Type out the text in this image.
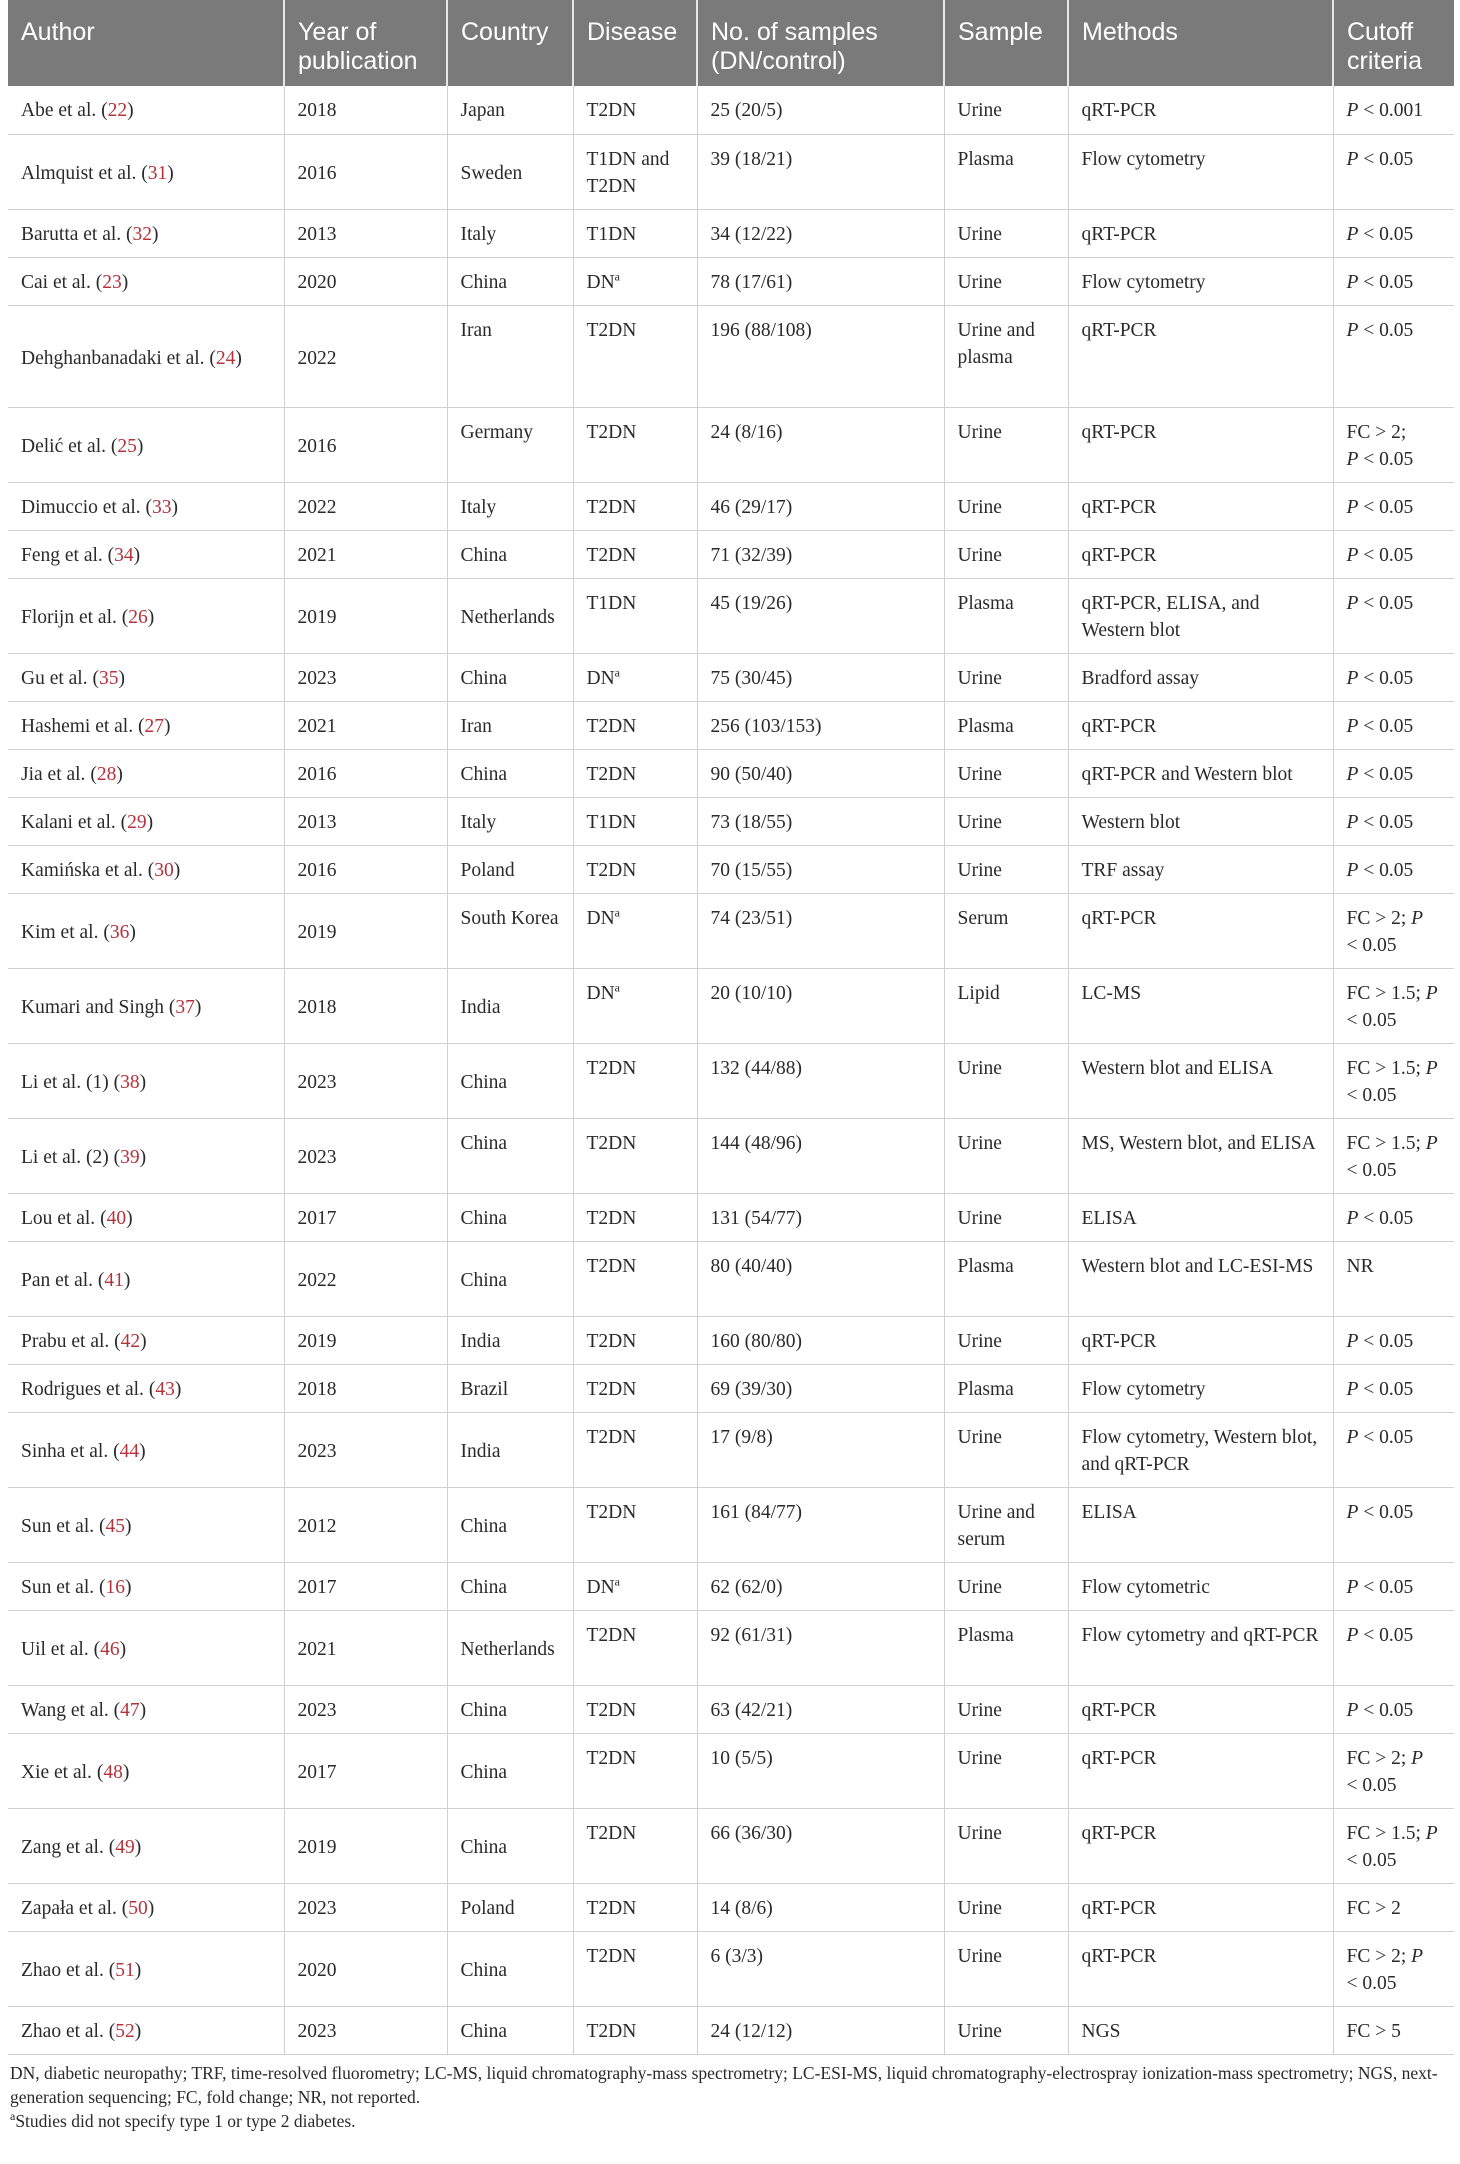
Author	Year of publication	Country	Disease	No. of samples (DN/control)	Sample	Methods	Cutoff criteria
Abe et al. (22)	2018	Japan	T2DN	25 (20/5)	Urine	qRT-PCR	P < 0.001

Almquist et al. (31)	2016	Sweden	T1DN and T2DN	39 (18/21)	Plasma	Flow cytometry	P < 0.05

Barutta et al. (32)	2013	Italy	T1DN	34 (12/22)	Urine	qRT-PCR	P < 0.05

Cai et al. (23)	2020	China	$DN^a$	78 (17/61)	Urine	Flow cytometry	P < 0.05

Dehghanbanadaki et al. (24)	2022	Iran	T2DN	196 (88/108)	Urine and plasma	qRT-PCR	P < 0.05

Delić et al. (25)	2016	Germany	T2DN	24 (8/16)	Urine	qRT-PCR	FC > 2;
P < 0.05

Dimuccio et al. (33)	2022	Italy	T2DN	46 (29/17)	Urine	qRT-PCR	P < 0.05

Feng et al. (34)	2021	China	T2DN	71 (32/39)	Urine	qRT-PCR	P < 0.05

Florijn et al. (26)	2019	Netherlands	T1DN	45 (19/26)	Plasma	qRT-PCR, ELISA, and Western blot	P < 0.05

Gu et al. (35)	2023	China	$DN^a$	75 (30/45)	Urine	Bradford assay	P < 0.05

Hashemi et al. (27)	2021	Iran	T2DN	256 (103/153)	Plasma	qRT-PCR	P < 0.05

Jia et al. (28)	2016	China	T2DN	90 (50/40)	Urine	qRT-PCR and Western blot	P < 0.05

Kalani et al. (29)	2013	Italy	T1DN	73 (18/55)	Urine	Western blot	P < 0.05

Kamińska et al. (30)	2016	Poland	T2DN	70 (15/55)	Urine	TRF assay	P < 0.05

Kim et al. (36)	2019	South Korea	$DN^a$	74 (23/51)	Serum	qRT-PCR	FC > 2; P
< 0.05

Kumari and Singh (37)	2018	India	$DN^a$	20 (10/10)	Lipid	LC-MS	FC > 1.5; P
< 0.05

Li et al. (1) (38)	2023	China	T2DN	132 (44/88)	Urine	Western blot and ELISA	FC > 1.5; P
< 0.05

Li et al. (2) (39)	2023	China	T2DN	144 (48/96)	Urine	MS, Western blot, and ELISA	FC > 1.5; P
< 0.05

Lou et al. (40)	2017	China	T2DN	131 (54/77)	Urine	ELISA	P < 0.05

Pan et al. (41)	2022	China	T2DN	80 (40/40)	Plasma	Western blot and LC-ESI-MS	NR

Prabu et al. (42)	2019	India	T2DN	160 (80/80)	Urine	qRT-PCR	P < 0.05

Rodrigues et al. (43)	2018	Brazil	T2DN	69 (39/30)	Plasma	Flow cytometry	P < 0.05

Sinha et al. (44)	2023	India	T2DN	17 (9/8)	Urine	Flow cytometry, Western blot, and qRT-PCR	P < 0.05

Sun et al. (45)	2012	China	T2DN	161 (84/77)	Urine and serum	ELISA	P < 0.05

Sun et al. (16)	2017	China	$DN^a$	62 (62/0)	Urine	Flow cytometric	P < 0.05

Uil et al. (46)	2021	Netherlands	T2DN	92 (61/31)	Plasma	Flow cytometry and qRT-PCR	P < 0.05

Wang et al. (47)	2023	China	T2DN	63 (42/21)	Urine	qRT-PCR	P < 0.05

Xie et al. (48)	2017	China	T2DN	10 (5/5)	Urine	qRT-PCR	FC > 2; P
< 0.05

Zang et al. (49)	2019	China	T2DN	66 (36/30)	Urine	qRT-PCR	FC > 1.5; P
< 0.05

Zapała et al. (50)	2023	Poland	T2DN	14 (8/6)	Urine	qRT-PCR	FC > 2

Zhao et al. (51)	2020	China	T2DN	6 (3/3)	Urine	qRT-PCR	FC > 2; P
< 0.05

Zhao et al. (52)	2023	China	T2DN	24 (12/12)	Urine	NGS	FC > 5
DN, diabetic neuropathy; TRF, time-resolved fluorometry; LC-MS, liquid chromatography-mass spectrometry; LC-ESI-MS, liquid chromatography-electrospray ionization-mass spectrometry; NGS, next-generation sequencing; FC, fold change; NR, not reported.
$^a$Studies did not specify type 1 or type 2 diabetes.
